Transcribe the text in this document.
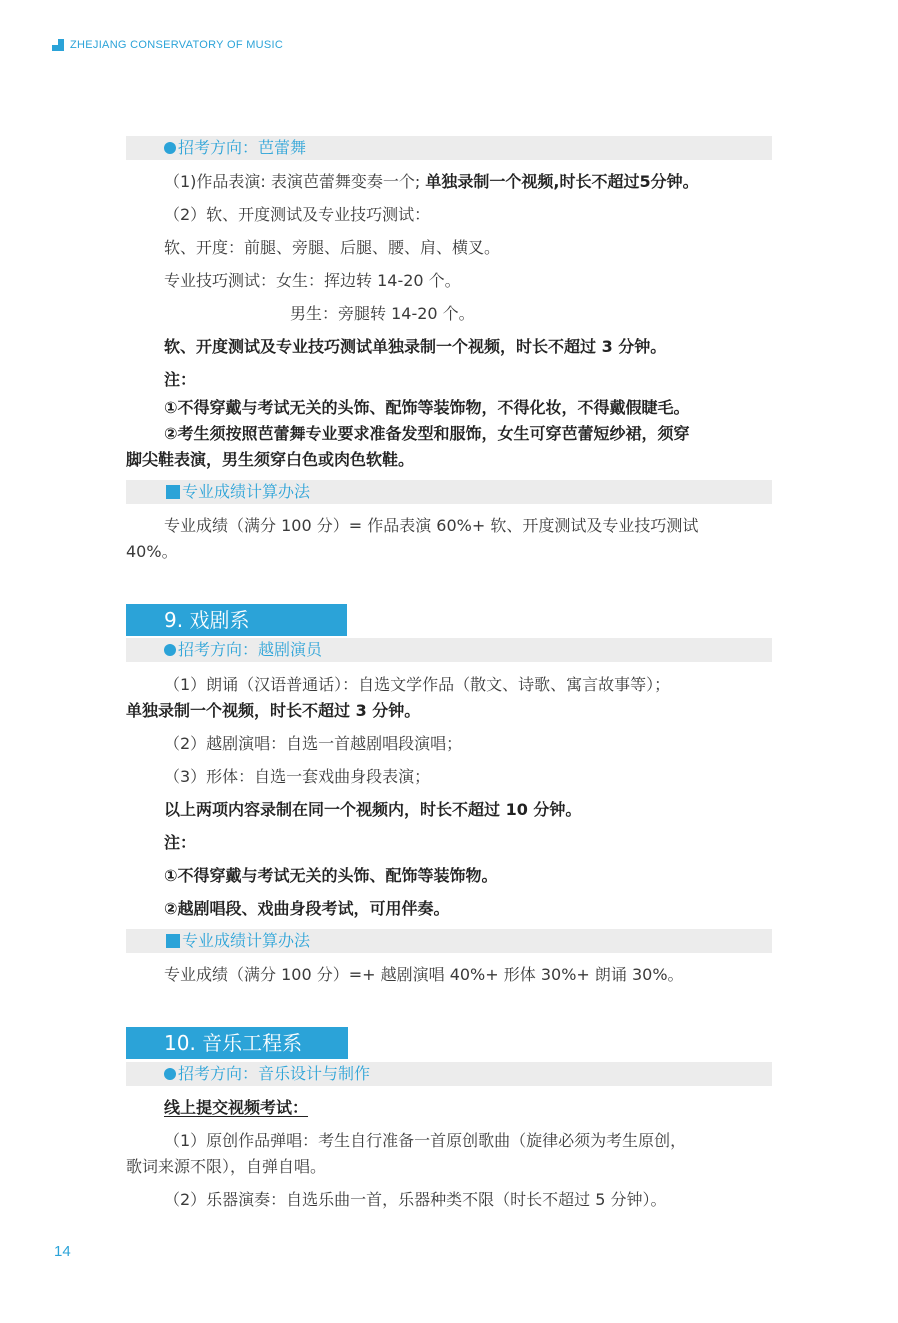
ZHEJIANG CONSERVATORY OF MUSIC
招考方向：芭蕾舞
（1)作品表演: 表演芭蕾舞变奏一个; 单独录制一个视频,时长不超过5分钟。
（2）软、开度测试及专业技巧测试：
软、开度：前腿、旁腿、后腿、腰、肩、横叉。
专业技巧测试：女生：挥边转 14-20 个。
男生：旁腿转 14-20 个。
软、开度测试及专业技巧测试单独录制一个视频，时长不超过 3 分钟。
注：
①不得穿戴与考试无关的头饰、配饰等装饰物，不得化妆，不得戴假睫毛。
②考生须按照芭蕾舞专业要求准备发型和服饰，女生可穿芭蕾短纱裙，须穿
脚尖鞋表演，男生须穿白色或肉色软鞋。
专业成绩计算办法
专业成绩（满分 100 分）= 作品表演 60%+ 软、开度测试及专业技巧测试
40%。
9. 戏剧系
招考方向：越剧演员
（1）朗诵（汉语普通话）：自选文学作品（散文、诗歌、寓言故事等）；
单独录制一个视频，时长不超过 3 分钟。
（2）越剧演唱：自选一首越剧唱段演唱；
（3）形体：自选一套戏曲身段表演；
以上两项内容录制在同一个视频内，时长不超过 10 分钟。
注：
①不得穿戴与考试无关的头饰、配饰等装饰物。
②越剧唱段、戏曲身段考试，可用伴奏。
专业成绩计算办法
专业成绩（满分 100 分）=+ 越剧演唱 40%+ 形体 30%+ 朗诵 30%。
10. 音乐工程系
招考方向：音乐设计与制作
线上提交视频考试：
（1）原创作品弹唱：考生自行准备一首原创歌曲（旋律必须为考生原创，
歌词来源不限），自弹自唱。
（2）乐器演奏：自选乐曲一首，乐器种类不限（时长不超过 5 分钟）。
14
